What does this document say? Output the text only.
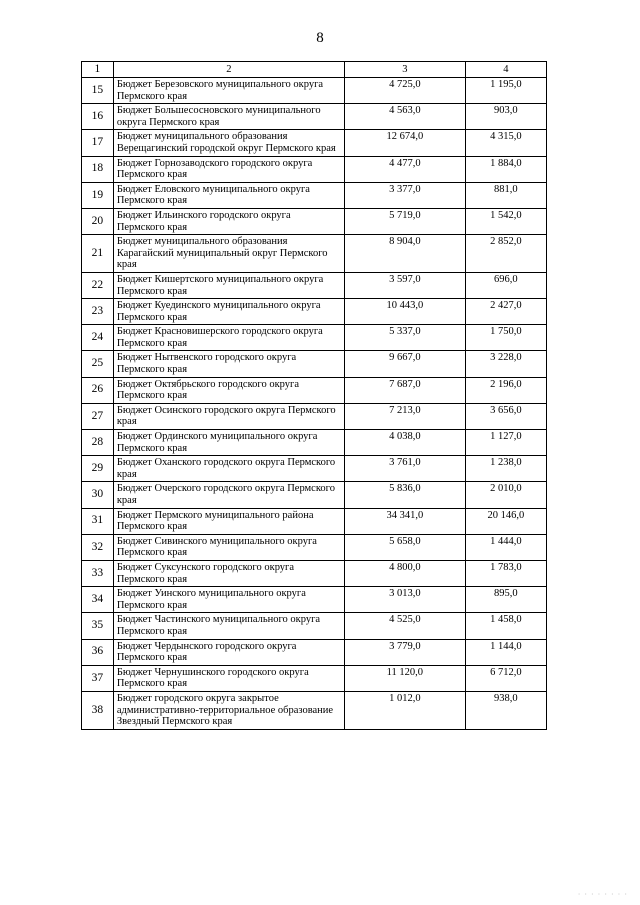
8
1	2	3	4
15	Бюджет Березовского муниципального округа Пермского края	4 725,0	1 195,0
16	Бюджет Большесосновского муниципального округа Пермского края	4 563,0	903,0
17	Бюджет муниципального образования Верещагинский городской округ Пермского края	12 674,0	4 315,0
18	Бюджет Горнозаводского городского округа Пермского края	4 477,0	1 884,0
19	Бюджет Еловского муниципального округа Пермского края	3 377,0	881,0
20	Бюджет Ильинского городского округа Пермского края	5 719,0	1 542,0
21	Бюджет муниципального образования Карагайский муниципальный округ Пермского края	8 904,0	2 852,0
22	Бюджет Кишертского муниципального округа Пермского края	3 597,0	696,0
23	Бюджет Куединского муниципального округа Пермского края	10 443,0	2 427,0
24	Бюджет Красновишерского городского округа Пермского края	5 337,0	1 750,0
25	Бюджет Нытвенского городского округа Пермского края	9 667,0	3 228,0
26	Бюджет Октябрьского городского округа Пермского края	7 687,0	2 196,0
27	Бюджет Осинского городского округа Пермского края	7 213,0	3 656,0
28	Бюджет Ординского муниципального округа Пермского края	4 038,0	1 127,0
29	Бюджет Оханского городского округа Пермского края	3 761,0	1 238,0
30	Бюджет Очерского городского округа Пермского края	5 836,0	2 010,0
31	Бюджет Пермского муниципального района Пермского края	34 341,0	20 146,0
32	Бюджет Сивинского муниципального округа Пермского края	5 658,0	1 444,0
33	Бюджет Суксунского городского округа Пермского края	4 800,0	1 783,0
34	Бюджет Уинского муниципального округа Пермского края	3 013,0	895,0
35	Бюджет Частинского муниципального округа Пермского края	4 525,0	1 458,0
36	Бюджет Чердынского городского округа Пермского края	3 779,0	1 144,0
37	Бюджет Чернушинского городского округа Пермского края	11 120,0	6 712,0
38	Бюджет городского округа закрытое административно-территориальное образование Звездный Пермского края	1 012,0	938,0
· · · · · · · ·
